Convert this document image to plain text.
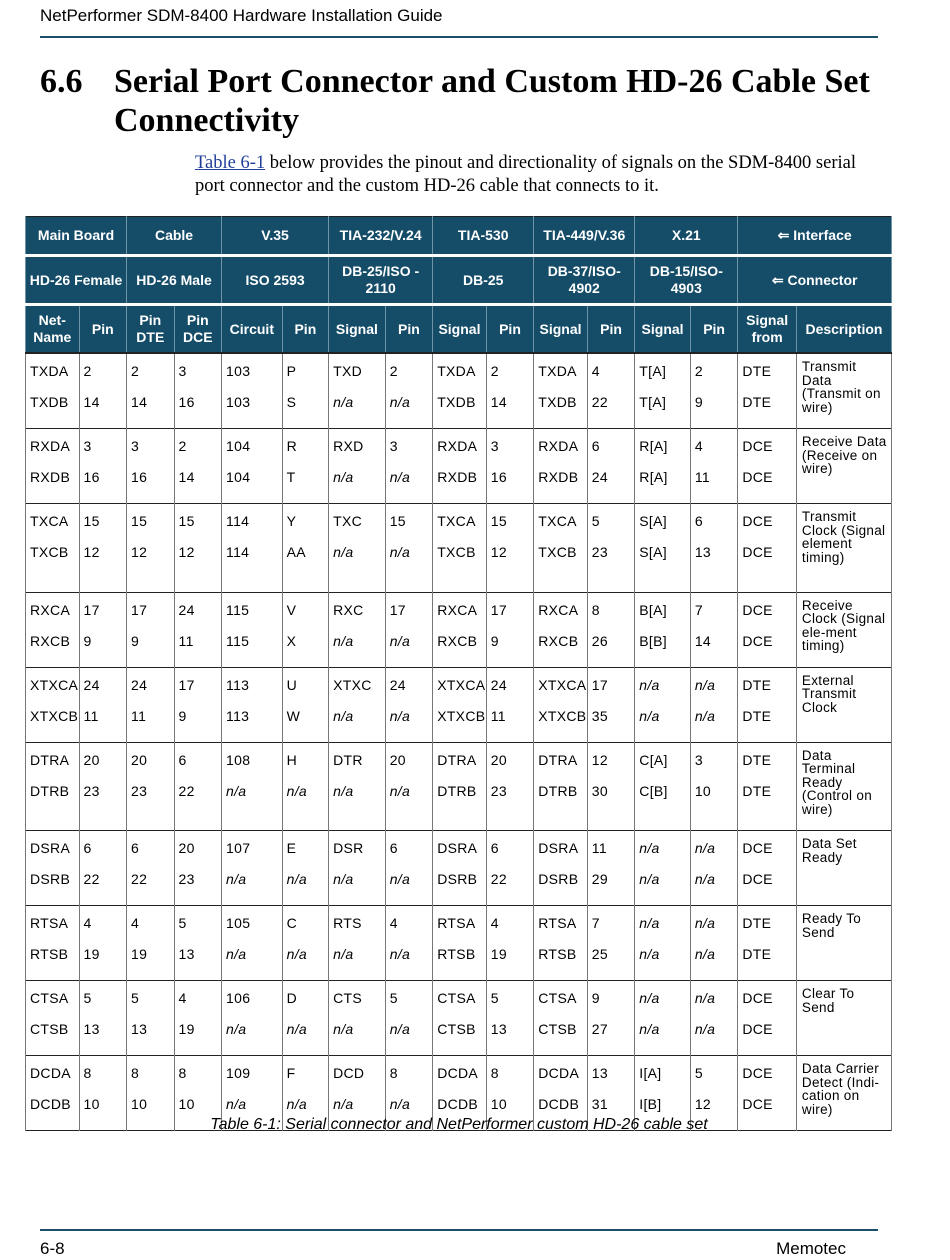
NetPerformer SDM-8400 Hardware Installation Guide
6.6 Serial Port Connector and Custom HD-26 Cable Set Connectivity

Table 6-1 below provides the pinout and directionality of signals on the SDM-8400 serial port connector and the custom HD-26 cable that connects to it.

Main Board		Cable		V.35		TIA-232/V.24		TIA-530		TIA-449/V.36		X.21		⇐ Interface	
HD-26 Female		HD-26 Male		ISO 2593		DB-25/ISO - 2110		DB-25		DB-37/ISO-4902		DB-15/ISO-4903		⇐ Connector	
Net-Name	Pin	Pin DTE	Pin DCE	Circuit	Pin	Signal	Pin	Signal	Pin	Signal	Pin	Signal	Pin	Signal from	Description
TXDA	2	2	3	103	P	TXD	2	TXDA	2	TXDA	4	T[A]	2	DTE	Transmit Data (Transmit on wire)
TXDB	14	14	16	103	S	n/a	n/a	TXDB	14	TXDB	22	T[A]	9	DTE	
RXDA	3	3	2	104	R	RXD	3	RXDA	3	RXDA	6	R[A]	4	DCE	Receive Data (Receive on wire)
RXDB	16	16	14	104	T	n/a	n/a	RXDB	16	RXDB	24	R[A]	11	DCE	
TXCA	15	15	15	114	Y	TXC	15	TXCA	15	TXCA	5	S[A]	6	DCE	Transmit Clock (Signal element timing)
TXCB	12	12	12	114	AA	n/a	n/a	TXCB	12	TXCB	23	S[A]	13	DCE	
RXCA	17	17	24	115	V	RXC	17	RXCA	17	RXCA	8	B[A]	7	DCE	Receive Clock (Signal ele-ment timing)
RXCB	9	9	11	115	X	n/a	n/a	RXCB	9	RXCB	26	B[B]	14	DCE	
XTXCA	24	24	17	113	U	XTXC	24	XTXCA	24	XTXCA	17	n/a	n/a	DTE	External Transmit Clock
XTXCB	11	11	9	113	W	n/a	n/a	XTXCB	11	XTXCB	35	n/a	n/a	DTE	
DTRA	20	20	6	108	H	DTR	20	DTRA	20	DTRA	12	C[A]	3	DTE	Data Terminal Ready (Control on wire)
DTRB	23	23	22	n/a	n/a	n/a	n/a	DTRB	23	DTRB	30	C[B]	10	DTE	
DSRA	6	6	20	107	E	DSR	6	DSRA	6	DSRA	11	n/a	n/a	DCE	Data Set Ready
DSRB	22	22	23	n/a	n/a	n/a	n/a	DSRB	22	DSRB	29	n/a	n/a	DCE	
RTSA	4	4	5	105	C	RTS	4	RTSA	4	RTSA	7	n/a	n/a	DTE	Ready To Send
RTSB	19	19	13	n/a	n/a	n/a	n/a	RTSB	19	RTSB	25	n/a	n/a	DTE	
CTSA	5	5	4	106	D	CTS	5	CTSA	5	CTSA	9	n/a	n/a	DCE	Clear To Send
CTSB	13	13	19	n/a	n/a	n/a	n/a	CTSB	13	CTSB	27	n/a	n/a	DCE	
DCDA	8	8	8	109	F	DCD	8	DCDA	8	DCDA	13	I[A]	5	DCE	Data Carrier Detect (Indi-cation on wire)
DCDB	10	10	10	n/a	n/a	n/a	n/a	DCDB	10	DCDB	31	I[B]	12	DCE	
Table 6-1: Serial connector and NetPerformer custom HD-26 cable set
6-8	Memotec
